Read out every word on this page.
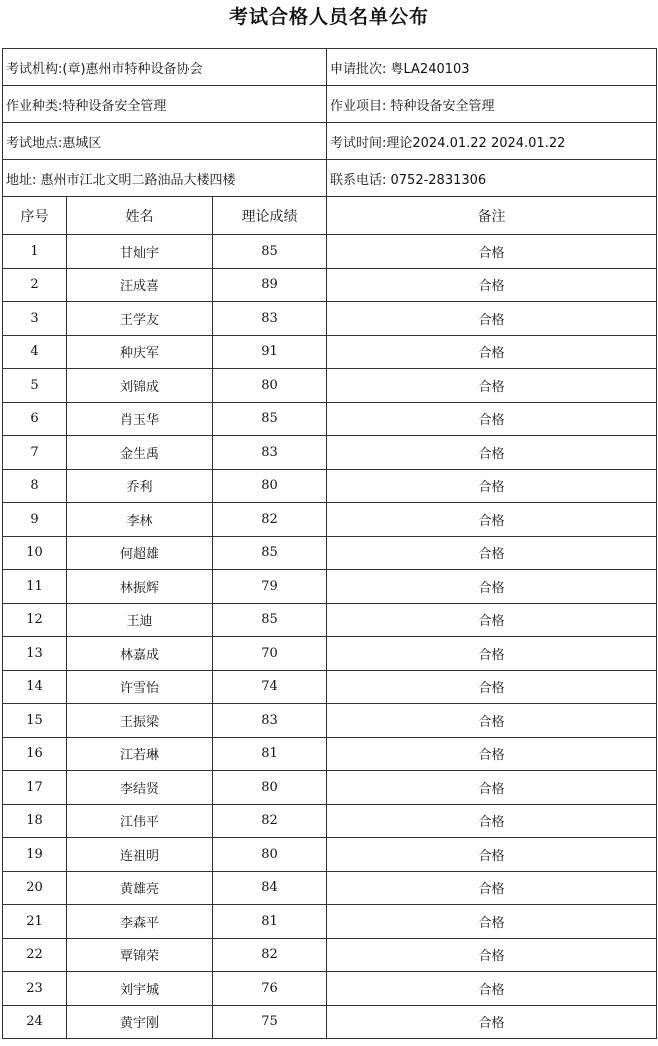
考试合格人员名单公布
考试机构:(章)惠州市特种设备协会			申请批次: 粤LA240103
作业种类:特种设备安全管理			作业项目: 特种设备安全管理
考试地点:惠城区			考试时间:理论2024.01.22 2024.01.22
地址: 惠州市江北文明二路油品大楼四楼			联系电话: 0752-2831306
序号	姓名	理论成绩	备注
1	甘灿宇	85	合格
2	汪成喜	89	合格
3	王学友	83	合格
4	种庆军	91	合格
5	刘锦成	80	合格
6	肖玉华	85	合格
7	金生禹	83	合格
8	乔利	80	合格
9	李林	82	合格
10	何超雄	85	合格
11	林振辉	79	合格
12	王迪	85	合格
13	林嘉成	70	合格
14	许雪怡	74	合格
15	王振梁	83	合格
16	江若琳	81	合格
17	李结贤	80	合格
18	江伟平	82	合格
19	连祖明	80	合格
20	黄雄亮	84	合格
21	李森平	81	合格
22	覃锦荣	82	合格
23	刘宇城	76	合格
24	黄宇刚	75	合格
